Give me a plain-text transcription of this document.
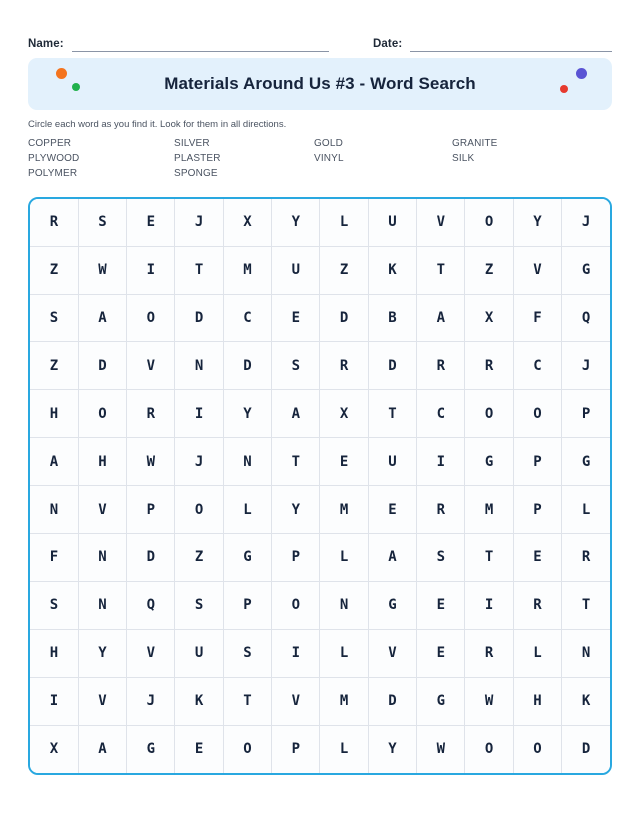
Name:	Date:
Materials Around Us #3 - Word Search
Circle each word as you find it. Look for them in all directions.
COPPER	SILVER	GOLD	GRANITE
PLYWOOD	PLASTER	VINYL	SILK
POLYMER	SPONGE
R	S	E	J	X	Y	L	U	V	O	Y	J
Z	W	I	T	M	U	Z	K	T	Z	V	G
S	A	O	D	C	E	D	B	A	X	F	Q
Z	D	V	N	D	S	R	D	R	R	C	J
H	O	R	I	Y	A	X	T	C	O	O	P
A	H	W	J	N	T	E	U	I	G	P	G
N	V	P	O	L	Y	M	E	R	M	P	L
F	N	D	Z	G	P	L	A	S	T	E	R
S	N	Q	S	P	O	N	G	E	I	R	T
H	Y	V	U	S	I	L	V	E	R	L	N
I	V	J	K	T	V	M	D	G	W	H	K
X	A	G	E	O	P	L	Y	W	O	O	D
